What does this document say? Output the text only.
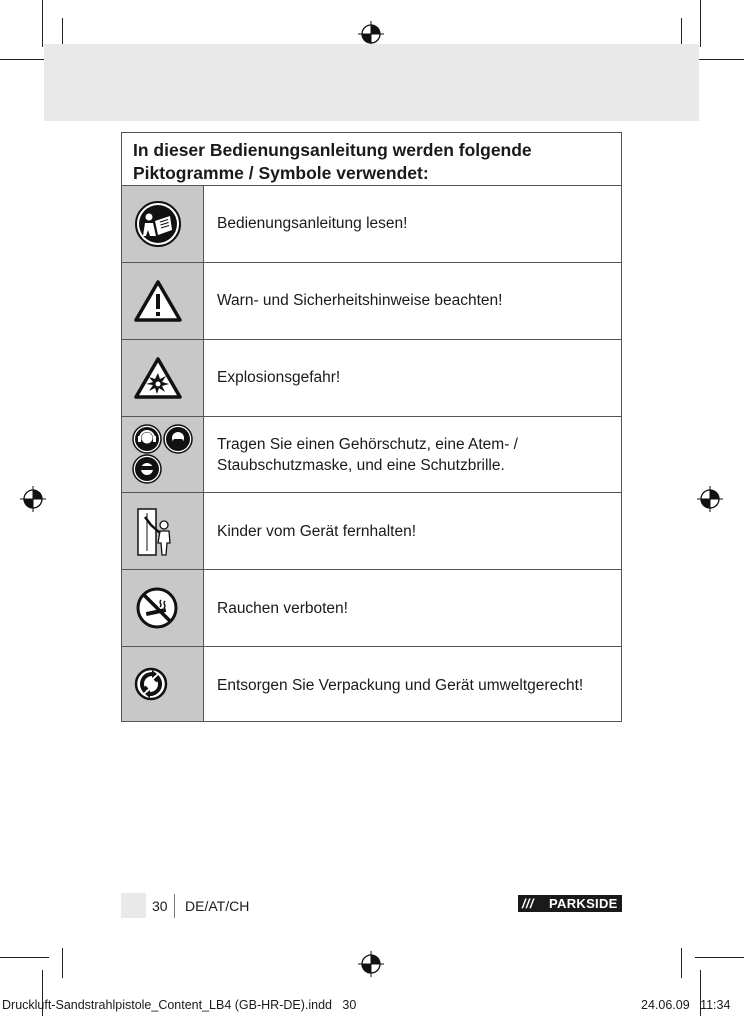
In dieser Bedienungsanleitung werden folgende Piktogramme / Symbole verwendet:
Bedienungsanleitung lesen!
Warn- und Sicherheitshinweise beachten!
Explosionsgefahr!
Tragen Sie einen Gehörschutz, eine Atem- / Staubschutzmaske, und eine Schutzbrille.
Kinder vom Gerät fernhalten!
Rauchen verboten!
Entsorgen Sie Verpackung und Gerät umweltgerecht!
30 DE/AT/CH	/// PARKSIDE
Druckluft-Sandstrahlpistole_Content_LB4 (GB-HR-DE).indd   30	24.06.09   11:34
